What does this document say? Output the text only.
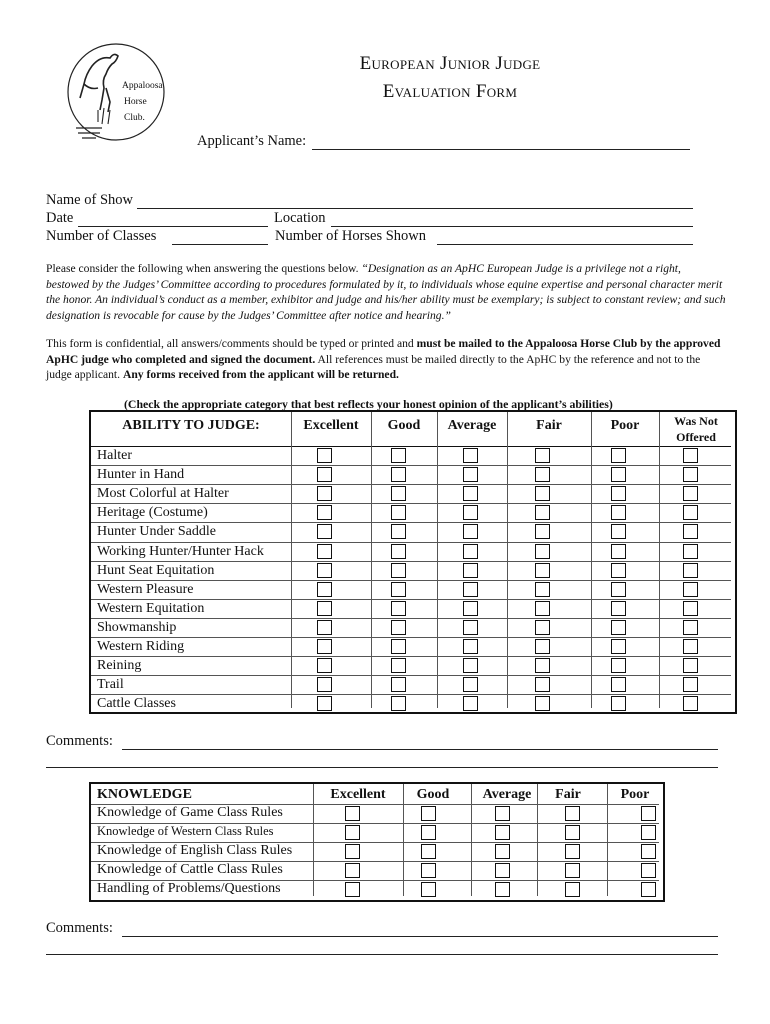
Appaloosa
Horse
Club.
European Junior Judge
Evaluation Form
Applicant’s Name:
Name of Show
Date	Location
Number of Classes	Number of Horses Shown
Please consider the following when answering the questions below. “Designation as an ApHC European Judge is a privilege not a right, bestowed by the Judges’ Committee according to procedures formulated by it, to individuals whose equine expertise and personal character merit the honor. An individual’s conduct as a member, exhibitor and judge and his/her ability must be exemplary; is subject to constant review; and such designation is revocable for cause by the Judges’ Committee after notice and hearing.”
This form is confidential, all answers/comments should be typed or printed and must be mailed to the Appaloosa Horse Club by the approved ApHC judge who completed and signed the document. All references must be mailed directly to the ApHC by the reference and not to the judge applicant. Any forms received from the applicant will be returned.
(Check the appropriate category that best reflects your honest opinion of the applicant’s abilities)
ABILITY TO JUDGE:	Excellent	Good	Average	Fair	Poor	Was Not
Offered
Halter
Hunter in Hand
Most Colorful at Halter
Heritage (Costume)
Hunter Under Saddle
Working Hunter/Hunter Hack
Hunt Seat Equitation
Western Pleasure
Western Equitation
Showmanship
Western Riding
Reining
Trail
Cattle Classes
Comments:
KNOWLEDGE	Excellent	Good	Average	Fair	Poor
Knowledge of Game Class Rules
Knowledge of Western Class Rules
Knowledge of English Class Rules
Knowledge of Cattle Class Rules
Handling of Problems/Questions
Comments:
